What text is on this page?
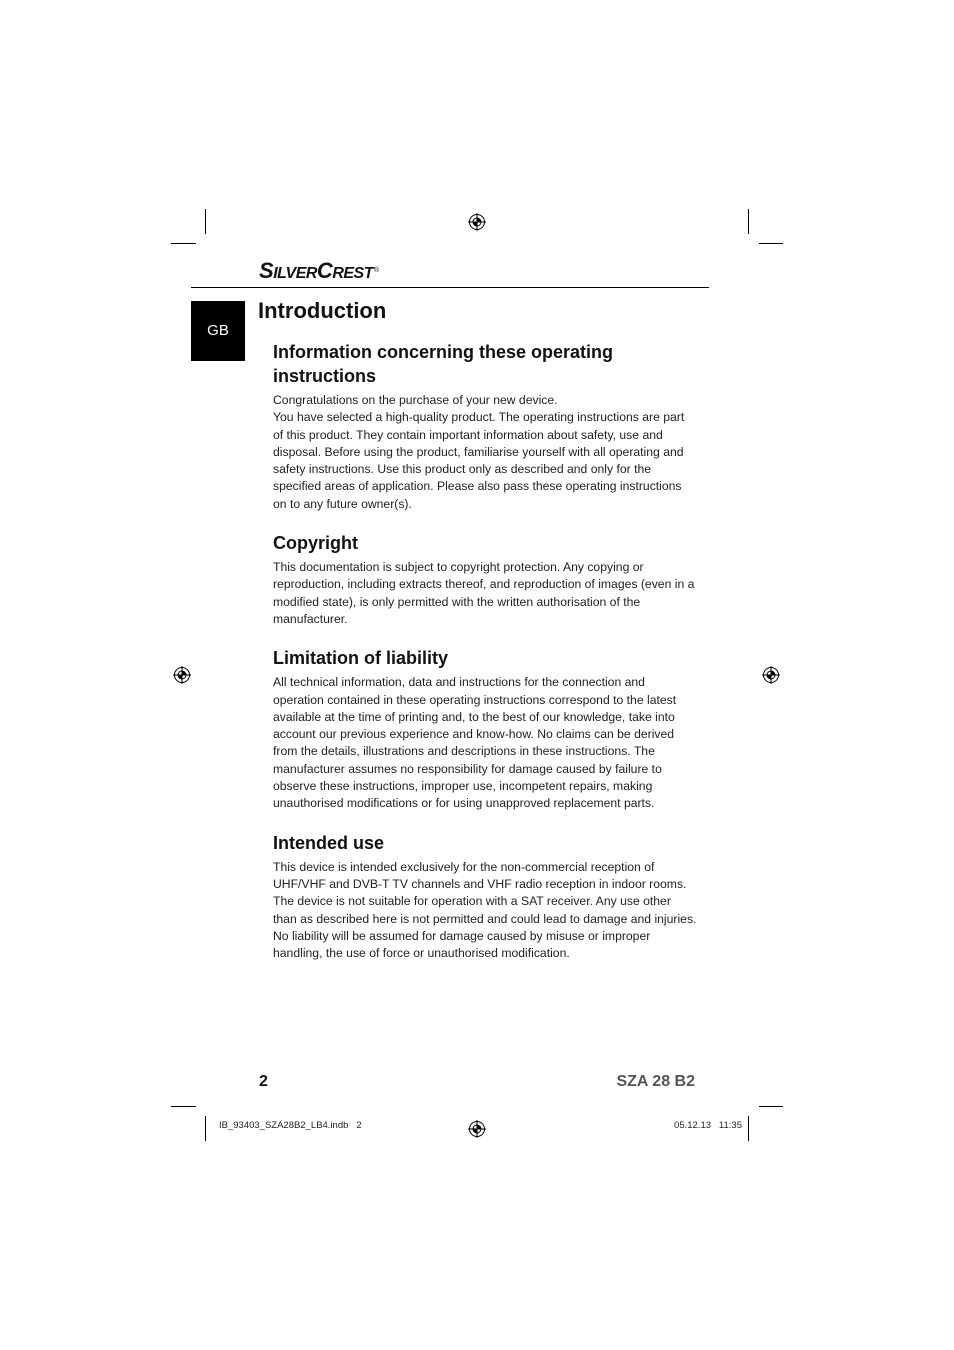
SILVERCREST®
GB
Introduction
Information concerning these operating instructions

Congratulations on the purchase of your new device.

You have selected a high-quality product. The operating instructions are part of this product. They contain important information about safety, use and disposal. Before using the product, familiarise yourself with all operating and safety instructions. Use this product only as described and only for the specified areas of application. Please also pass these operating instructions on to any future owner(s).

Copyright

This documentation is subject to copyright protection. Any copying or reproduction, including extracts thereof, and reproduction of images (even in a modified state), is only permitted with the written authorisation of the manufacturer.

Limitation of liability

All technical information, data and instructions for the connection and operation contained in these operating instructions correspond to the latest available at the time of printing and, to the best of our knowledge, take into account our previous experience and know-how. No claims can be derived from the details, illustrations and descriptions in these instructions. The manufacturer assumes no responsibility for damage caused by failure to observe these instructions, improper use, incompetent repairs, making unauthorised modifications or for using unapproved replacement parts.

Intended use

This device is intended exclusively for the non-commercial reception of UHF/VHF and DVB-T TV channels and VHF radio reception in indoor rooms. The device is not suitable for operation with a SAT receiver. Any use other than as described here is not permitted and could lead to damage and injuries. No liability will be assumed for damage caused by misuse or improper handling, the use of force or unauthorised modification.

2	SZA 28 B2
IB_93403_SZA28B2_LB4.indb   2	05.12.13   11:35
